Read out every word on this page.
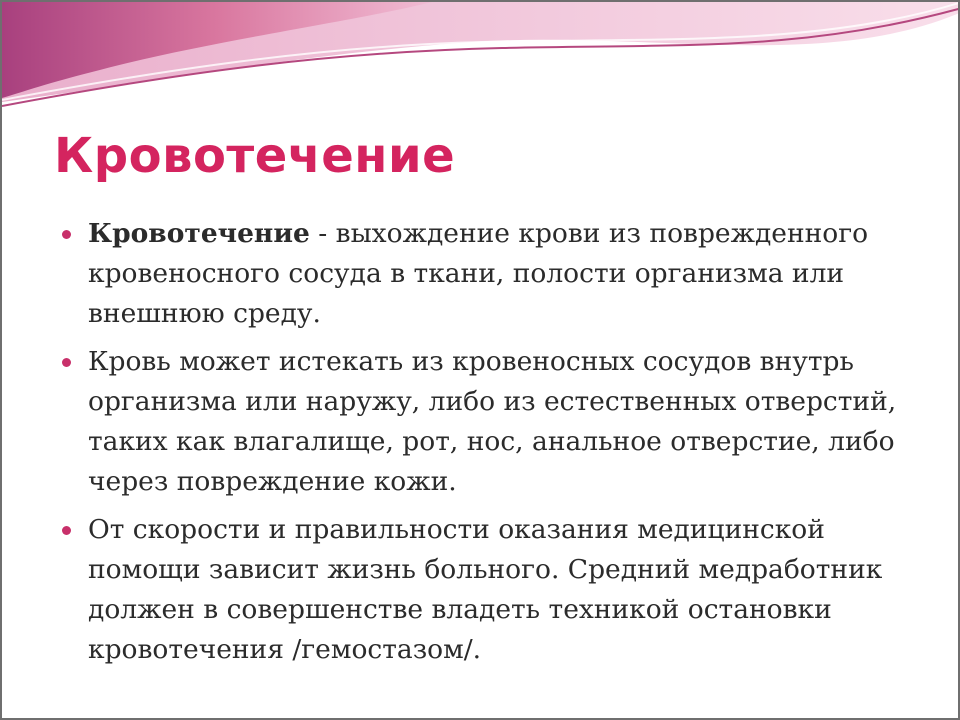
Кровотечение
Кровотечение - выхождение крови из поврежденного кровеносного сосуда в ткани, полости организма или внешнюю среду.
Кровь может истекать из кровеносных сосудов внутрь организма или наружу, либо из естественных отверстий, таких как влагалище, рот, нос, анальное отверстие, либо через повреждение кожи.
От скорости и правильности оказания медицинской помощи зависит жизнь больного. Средний медработник должен в совершенстве владеть техникой остановки кровотечения /гемостазом/.
